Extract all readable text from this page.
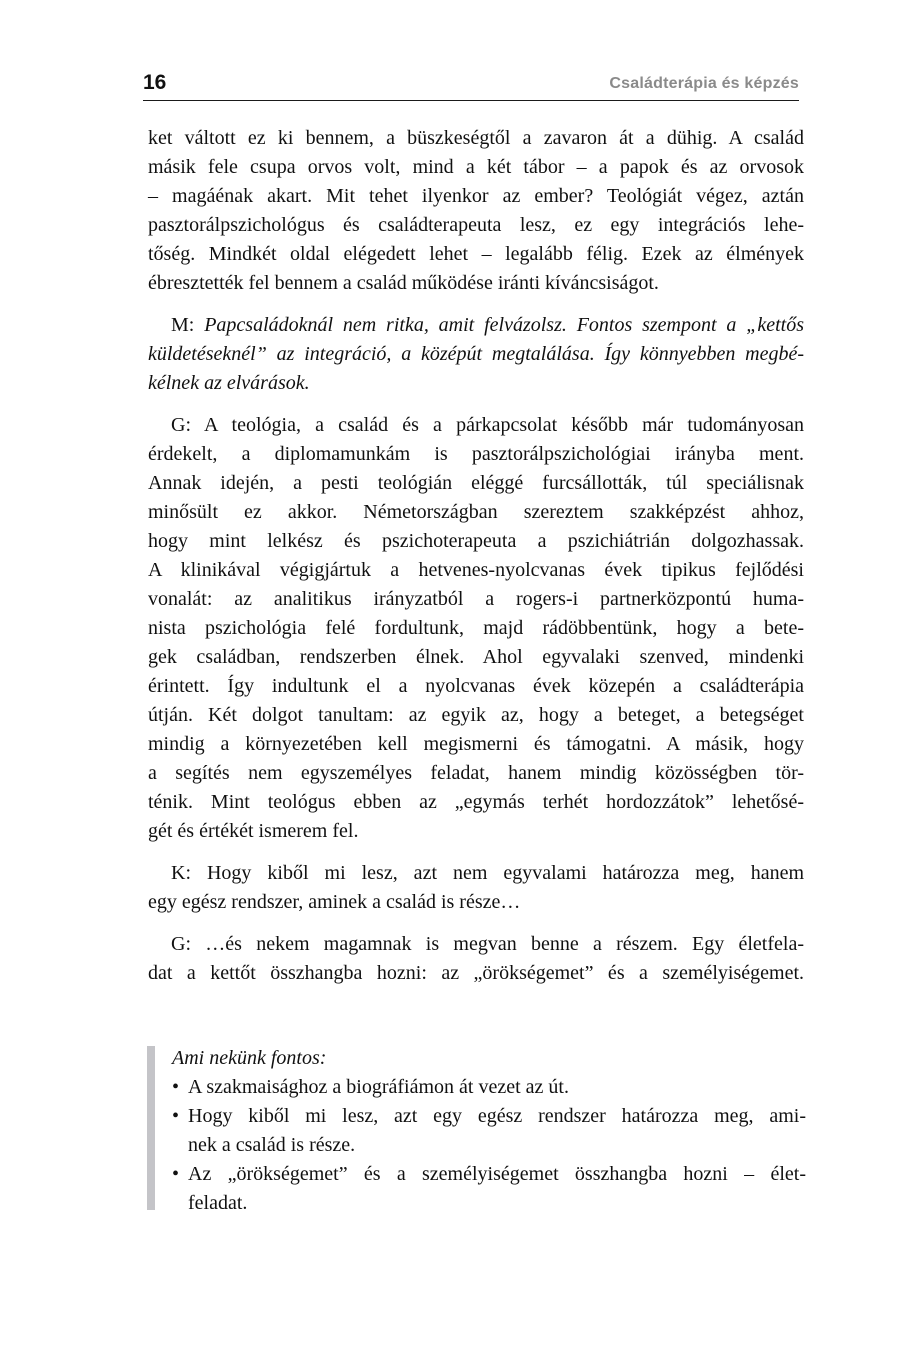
16	Családterápia és képzés

ket váltott ez ki bennem, a büszkeségtől a zavaron át a dühig. A család
másik fele csupa orvos volt, mind a két tábor – a papok és az orvosok
– magáénak akart. Mit tehet ilyenkor az ember? Teológiát végez, aztán
pasztorálpszichológus és családterapeuta lesz, ez egy integrációs lehe-
tőség. Mindkét oldal elégedett lehet – legalább félig. Ezek az élmények
ébresztették fel bennem a család működése iránti kíváncsiságot.

M: Papcsaládoknál nem ritka, amit felvázolsz. Fontos szempont a „kettős
küldetéseknél” az integráció, a középút megtalálása. Így könnyebben megbé-
kélnek az elvárások.

G: A teológia, a család és a párkapcsolat később már tudományosan
érdekelt, a diplomamunkám is pasztorálpszichológiai irányba ment.
Annak idején, a pesti teológián eléggé furcsállották, túl speciálisnak
minősült ez akkor. Németországban szereztem szakképzést ahhoz,
hogy mint lelkész és pszichoterapeuta a pszichiátrián dolgozhassak.
A klinikával végigjártuk a hetvenes-nyolcvanas évek tipikus fejlődési
vonalát: az analitikus irányzatból a rogers-i partnerközpontú huma-
nista pszichológia felé fordultunk, majd rádöbbentünk, hogy a bete-
gek családban, rendszerben élnek. Ahol egyvalaki szenved, mindenki
érintett. Így indultunk el a nyolcvanas évek közepén a családterápia
útján. Két dolgot tanultam: az egyik az, hogy a beteget, a betegséget
mindig a környezetében kell megismerni és támogatni. A másik, hogy
a segítés nem egyszemélyes feladat, hanem mindig közösségben tör-
ténik. Mint teológus ebben az „egymás terhét hordozzátok” lehetősé-
gét és értékét ismerem fel.

K: Hogy kiből mi lesz, azt nem egyvalami határozza meg, hanem
egy egész rendszer, aminek a család is része…

G: …és nekem magamnak is megvan benne a részem. Egy életfela-
dat a kettőt összhangba hozni: az „örökségemet” és a személyiségemet.

Ami nekünk fontos:
• A szakmaisághoz a biográfiámon át vezet az út.
• Hogy kiből mi lesz, azt egy egész rendszer határozza meg, ami-
nek a család is része.
• Az „örökségemet” és a személyiségemet összhangba hozni – élet-
feladat.
